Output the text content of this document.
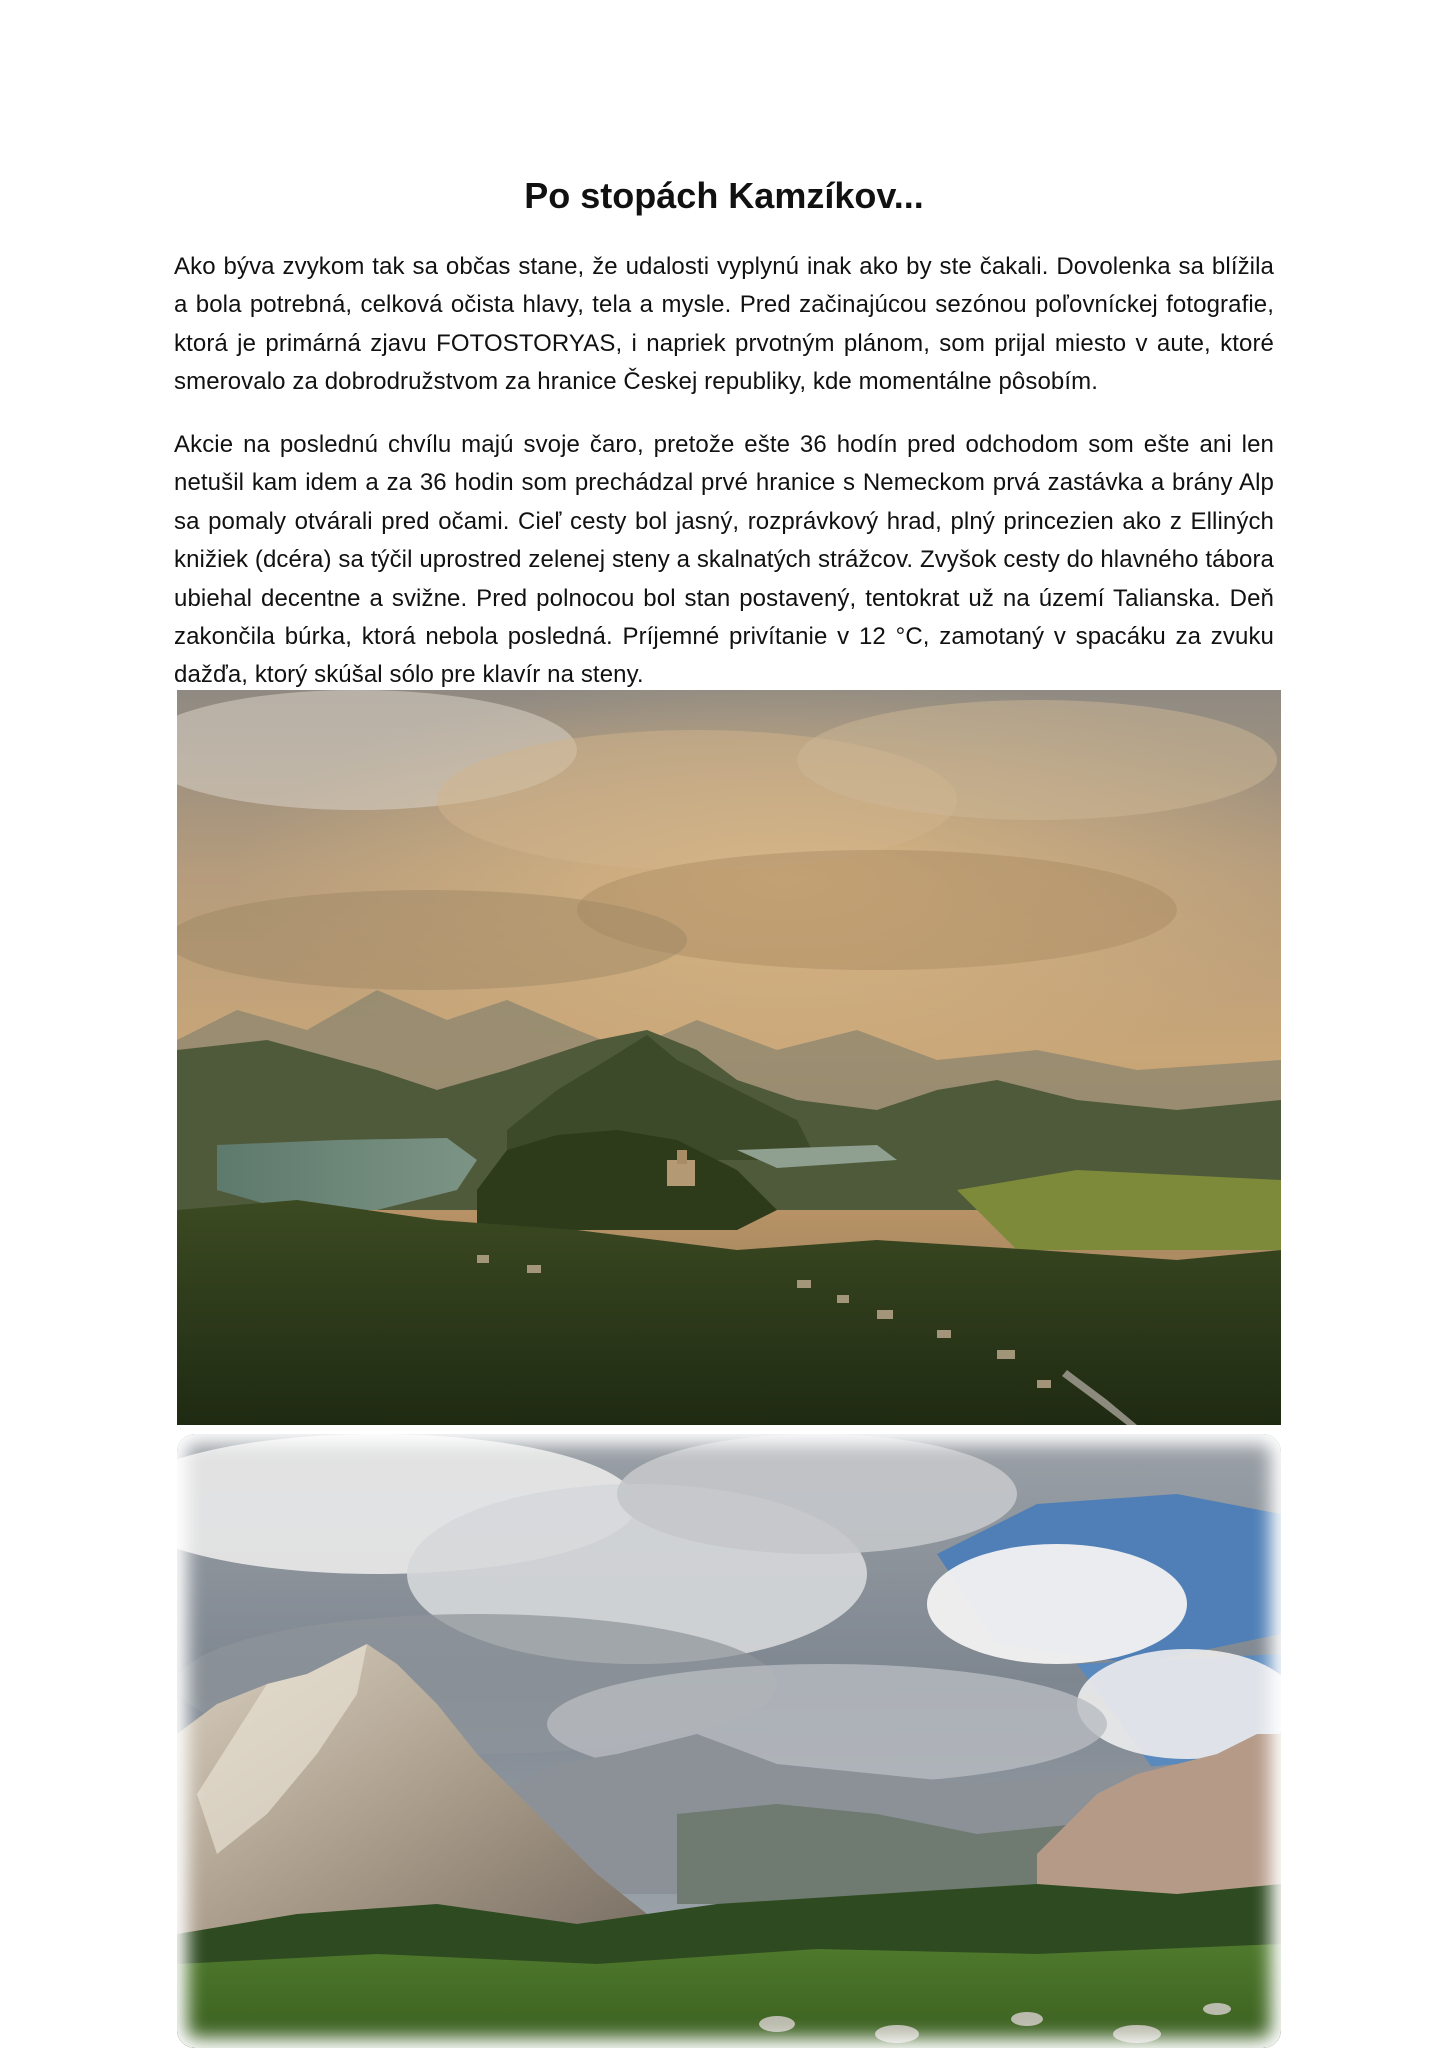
Po stopách Kamzíkov...

Ako býva zvykom tak sa občas stane, že udalosti vyplynú inak ako by ste čakali. Dovolenka sa blížila a bola potrebná, celková očista hlavy, tela a mysle. Pred začinajúcou sezónou poľovníckej fotografie, ktorá je primárná zjavu FOTOSTORYAS, i napriek prvotným plánom, som prijal miesto v aute, ktoré smerovalo za dobrodružstvom za hranice Českej republiky, kde momentálne pôsobím.

Akcie na poslednú chvílu majú svoje čaro, pretože ešte 36 hodín pred odchodom som ešte ani len netušil kam idem a za 36 hodin som prechádzal prvé hranice s Nemeckom prvá zastávka a brány Alp sa pomaly otvárali pred očami. Cieľ cesty bol jasný, rozprávkový hrad, plný princezien ako z Elliných knižiek (dcéra) sa týčil uprostred zelenej steny a skalnatých strážcov. Zvyšok cesty do hlavného tábora ubiehal decentne a svižne. Pred polnocou bol stan postavený, tentokrat už na území Talianska. Deň zakončila búrka, ktorá nebola posledná. Príjemné privítanie v 12 °C, zamotaný v spacáku za zvuku dažďa, ktorý skúšal sólo pre klavír na steny.
